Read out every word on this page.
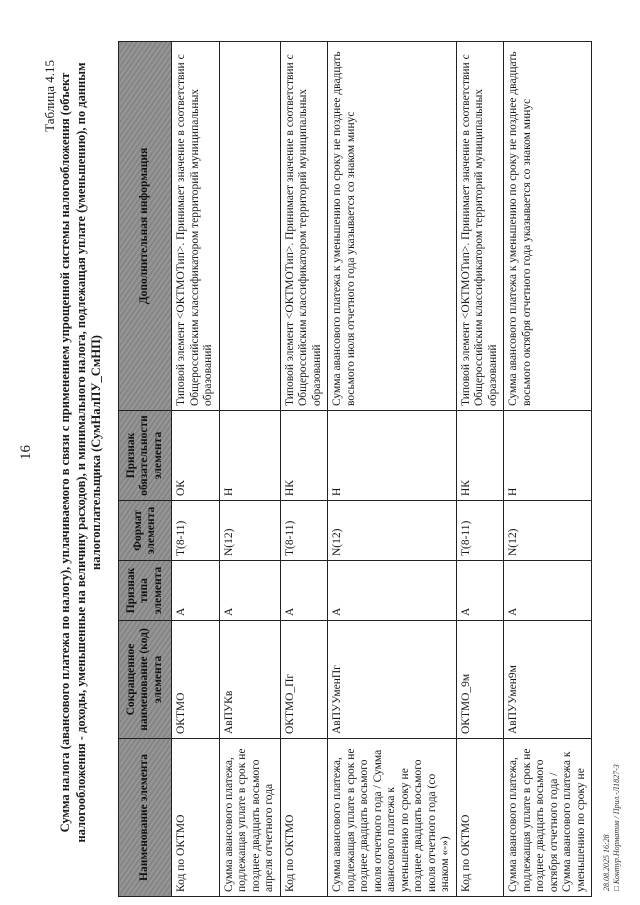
16
Таблица 4.15 Сумма налога (авансового платежа по налогу), уплачиваемого в связи с применением упрощенной системы налогообложения (объект налогообложения - доходы, уменьшенные на величину расходов), и минимального налога, подлежащая уплате (уменьшению), по данным налогоплательщика (СумНалПУ_СмНП)
Наименование элемента	Сокращенное наименование (код) элемента	Признак типа элемента	Формат элемента	Признак обязательности элемента	Дополнительная информация
Код по ОКТМО	ОКТМО	А	T(8-11)	ОК	Типовой элемент <ОКТМОТип>. Принимает значение в соответствии с Общероссийским классификатором территорий муниципальных образований
Сумма авансового платежа, подлежащая уплате в срок не позднее двадцать восьмого апреля отчетного года	АвПУКв	А	N(12)	Н	
Код по ОКТМО	ОКТМО_Пг	А	T(8-11)	НК	Типовой элемент <ОКТМОТип>. Принимает значение в соответствии с Общероссийским классификатором территорий муниципальных образований
Сумма авансового платежа, подлежащая уплате в срок не позднее двадцать восьмого июля отчетного года / Сумма авансового платежа к уменьшению по сроку не позднее двадцать восьмого июля отчетного года (со знаком «-»)	АвПУУменПг	А	N(12)	Н	Сумма авансового платежа к уменьшению по сроку не позднее двадцать восьмого июля отчетного года указывается со знаком минус
Код по ОКТМО	ОКТМО_9м	А	T(8-11)	НК	Типовой элемент <ОКТМОТип>. Принимает значение в соответствии с Общероссийским классификатором территорий муниципальных образований
Сумма авансового платежа, подлежащая уплате в срок не позднее двадцать восьмого октября отчетного года / Сумма авансового платежа к уменьшению по сроку не	АвПУУмен9м	А	N(12)	Н	Сумма авансового платежа к уменьшению по сроку не позднее двадцать восьмого октября отчетного года указывается со знаком минус
28.08.2025 16:28 □ Контур.Норматив / Прил.-Л1827-3
